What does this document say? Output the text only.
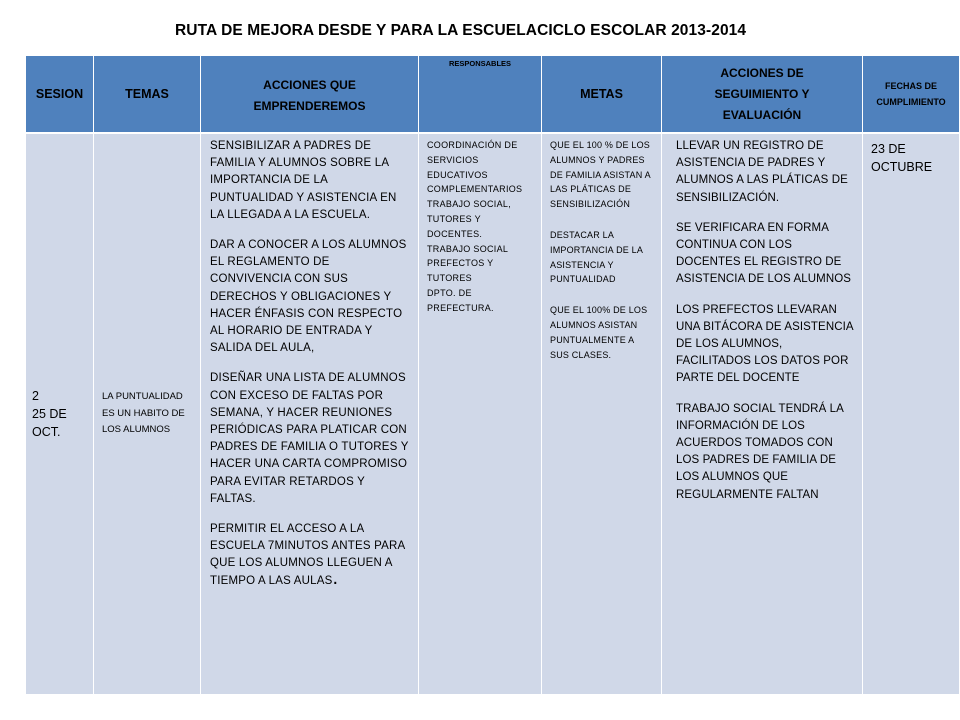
RUTA DE MEJORA DESDE Y PARA LA ESCUELACICLO ESCOLAR 2013-2014
SESION	TEMAS
ACCIONES QUE EMPRENDEREMOS
RESPONSABLES
METAS
ACCIONES DE SEGUIMIENTO Y EVALUACIÓN
FECHAS DE CUMPLIMIENTO
2
25 DE OCT.
LA PUNTUALIDAD ES UN HABITO DE LOS ALUMNOS

SENSIBILIZAR A PADRES DE FAMILIA Y ALUMNOS SOBRE LA IMPORTANCIA DE LA PUNTUALIDAD Y ASISTENCIA EN LA LLEGADA A LA ESCUELA.

DAR A CONOCER A LOS ALUMNOS EL REGLAMENTO DE CONVIVENCIA CON SUS DERECHOS Y OBLIGACIONES Y HACER ÉNFASIS CON RESPECTO AL HORARIO DE ENTRADA Y SALIDA DEL AULA,

DISEÑAR UNA LISTA DE ALUMNOS CON EXCESO DE FALTAS POR SEMANA, Y HACER REUNIONES PERIÓDICAS PARA PLATICAR CON PADRES DE FAMILIA O TUTORES Y HACER UNA CARTA COMPROMISO PARA EVITAR RETARDOS Y FALTAS.

PERMITIR EL ACCESO A LA ESCUELA 7MINUTOS ANTES PARA QUE LOS ALUMNOS LLEGUEN A TIEMPO A LAS AULAS.

COORDINACIÓN DE SERVICIOS EDUCATIVOS COMPLEMENTARIOS TRABAJO SOCIAL, TUTORES Y DOCENTES.
TRABAJO SOCIAL PREFECTOS Y TUTORES
DPTO. DE PREFECTURA.

QUE EL 100 % DE LOS ALUMNOS Y PADRES DE FAMILIA ASISTAN A LAS PLÁTICAS DE SENSIBILIZACIÓN

DESTACAR LA IMPORTANCIA DE LA ASISTENCIA Y PUNTUALIDAD

QUE EL 100% DE LOS ALUMNOS ASISTAN PUNTUALMENTE A SUS CLASES.

LLEVAR UN REGISTRO DE ASISTENCIA DE PADRES Y ALUMNOS A LAS PLÁTICAS DE SENSIBILIZACIÓN.

SE VERIFICARA EN FORMA CONTINUA CON LOS DOCENTES EL REGISTRO DE ASISTENCIA DE LOS ALUMNOS

LOS PREFECTOS LLEVARAN UNA BITÁCORA DE ASISTENCIA DE LOS ALUMNOS, FACILITADOS LOS DATOS POR PARTE DEL DOCENTE

TRABAJO SOCIAL TENDRÁ LA INFORMACIÓN DE LOS ACUERDOS TOMADOS CON LOS PADRES DE FAMILIA DE LOS ALUMNOS QUE REGULARMENTE FALTAN

23 DE OCTUBRE
